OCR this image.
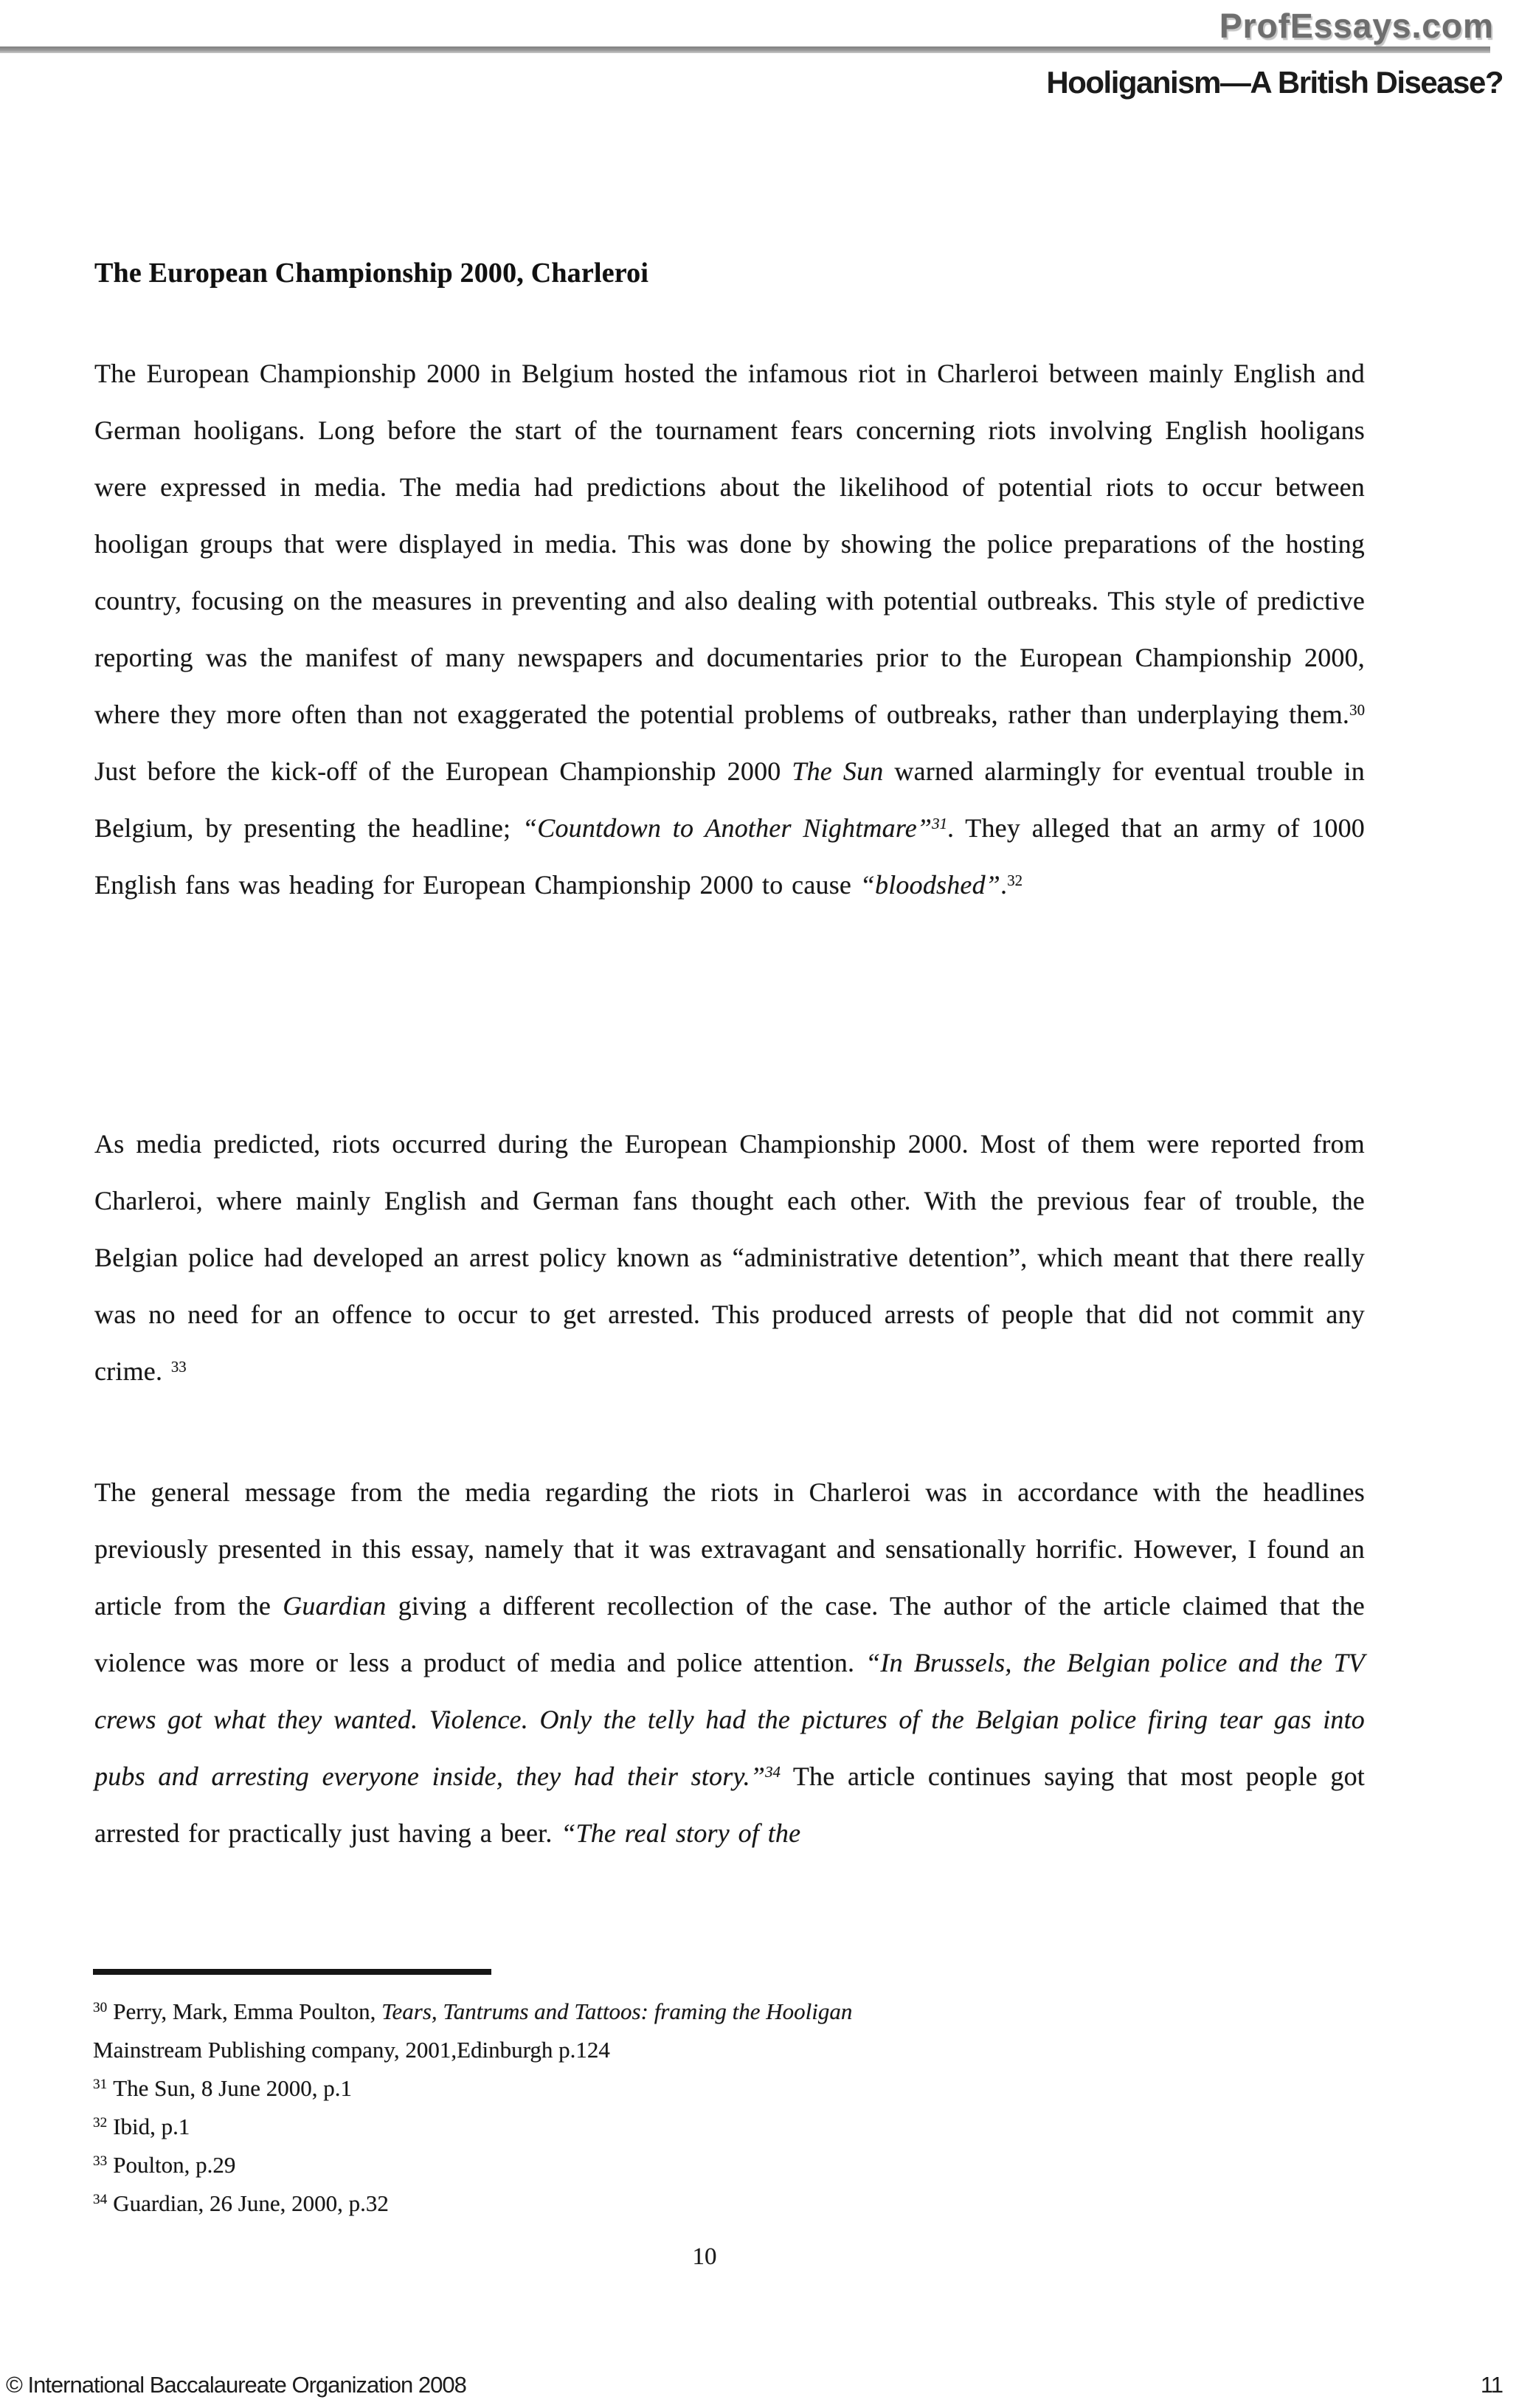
ProfEssays.com
Hooliganism—A British Disease?
The European Championship 2000, Charleroi
The European Championship 2000 in Belgium hosted the infamous riot in Charleroi between mainly English and German hooligans. Long before the start of the tournament fears concerning riots involving English hooligans were expressed in media. The media had predictions about the likelihood of potential riots to occur between hooligan groups that were displayed in media. This was done by showing the police preparations of the hosting country, focusing on the measures in preventing and also dealing with potential outbreaks. This style of predictive reporting was the manifest of many newspapers and documentaries prior to the European Championship 2000, where they more often than not exaggerated the potential problems of outbreaks, rather than underplaying them.$^{30}$ Just before the kick-off of the European Championship 2000 The Sun warned alarmingly for eventual trouble in Belgium, by presenting the headline; “Countdown to Another Nightmare”$^{31}$. They alleged that an army of 1000 English fans was heading for European Championship 2000 to cause “bloodshed”.$^{32}$
As media predicted, riots occurred during the European Championship 2000. Most of them were reported from Charleroi, where mainly English and German fans thought each other. With the previous fear of trouble, the Belgian police had developed an arrest policy known as “administrative detention”, which meant that there really was no need for an offence to occur to get arrested. This produced arrests of people that did not commit any crime. $^{33}$
The general message from the media regarding the riots in Charleroi was in accordance with the headlines previously presented in this essay, namely that it was extravagant and sensationally horrific. However, I found an article from the Guardian giving a different recollection of the case. The author of the article claimed that the violence was more or less a product of media and police attention. “In Brussels, the Belgian police and the TV crews got what they wanted. Violence. Only the telly had the pictures of the Belgian police firing tear gas into pubs and arresting everyone inside, they had their story.”$^{34}$ The article continues saying that most people got arrested for practically just having a beer. “The real story of the
$^{30}$ Perry, Mark, Emma Poulton, Tears, Tantrums and Tattoos: framing the Hooligan
Mainstream Publishing company, 2001,Edinburgh p.124
$^{31}$ The Sun, 8 June 2000, p.1
$^{32}$ Ibid, p.1
$^{33}$ Poulton, p.29
$^{34}$ Guardian, 26 June, 2000, p.32
10
© International Baccalaureate Organization 2008	11
